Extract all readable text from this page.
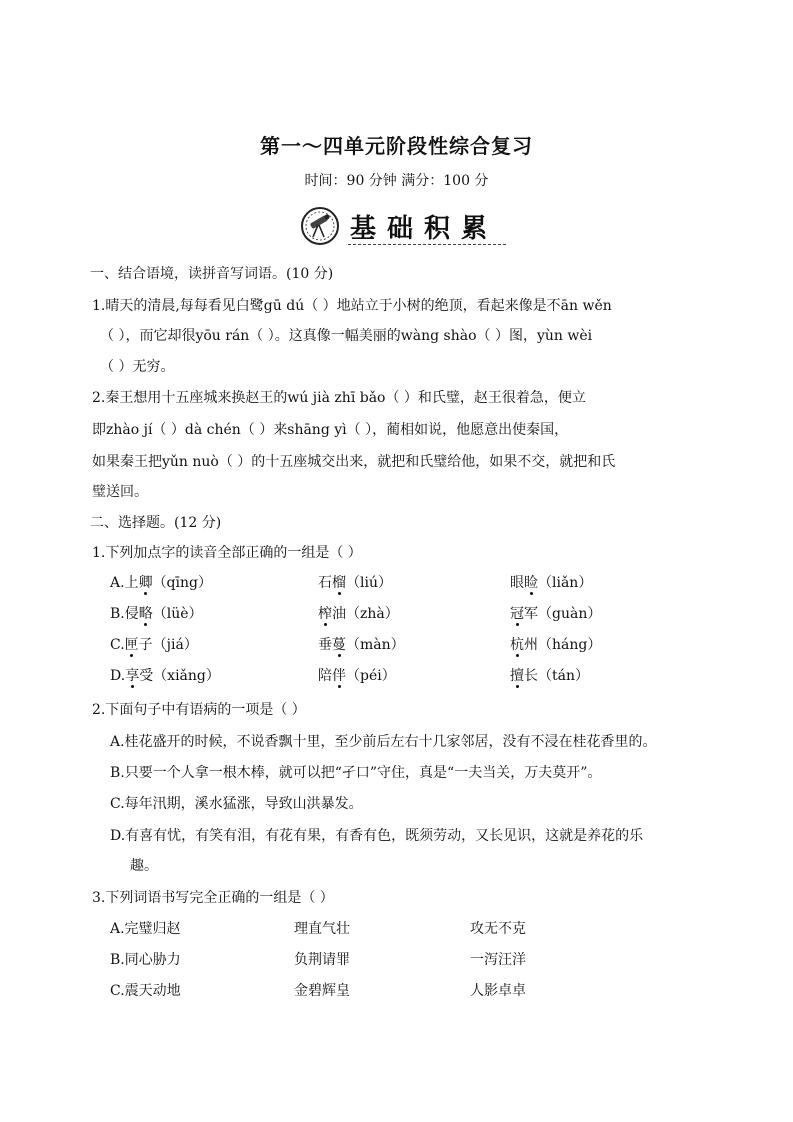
第一～四单元阶段性综合复习
时间：90 分钟 满分：100 分
基础积累
一、结合语境，读拼音写词语。(10 分)
1.晴天的清晨,每每看见白鹭gū dú（ ）地站立于小树的绝顶，看起来像是不ān wěn
（ ），而它却很yōu rán（ ）。这真像一幅美丽的wàng shào（ ）图，yùn wèi
（ ）无穷。
2.秦王想用十五座城来换赵王的wú jià zhī bǎo（ ）和氏璧，赵王很着急，便立
即zhào jí（ ）dà chén（ ）来shāng yì（ ），蔺相如说，他愿意出使秦国，
如果秦王把yǔn nuò（ ）的十五座城交出来，就把和氏璧给他，如果不交，就把和氏
璧送回。
二、选择题。(12 分)
1.下列加点字的读音全部正确的一组是（ ）
A.上卿（qīng）	石榴（liú）	眼睑（liǎn）
B.侵略（lüè）	榨油（zhà）	冠军（guàn）
C.匣子（jiá）	垂蔓（màn）	杭州（háng）
D.享受（xiǎng）	陪伴（péi）	擅长（tán）
2.下面句子中有语病的一项是（ ）
A.桂花盛开的时候，不说香飘十里，至少前后左右十几家邻居，没有不浸在桂花香里的。
B.只要一个人拿一根木棒，就可以把“孑口”守住，真是“一夫当关，万夫莫开”。
C.每年汛期，溪水猛涨，导致山洪暴发。
D.有喜有忧，有笑有泪，有花有果，有香有色，既须劳动，又长见识，这就是养花的乐
趣。
3.下列词语书写完全正确的一组是（ ）
A.完璧归赵	理直气壮	攻无不克
B.同心胁力	负荆请罪	一泻汪洋
C.震天动地	金碧辉皇	人影卓卓
